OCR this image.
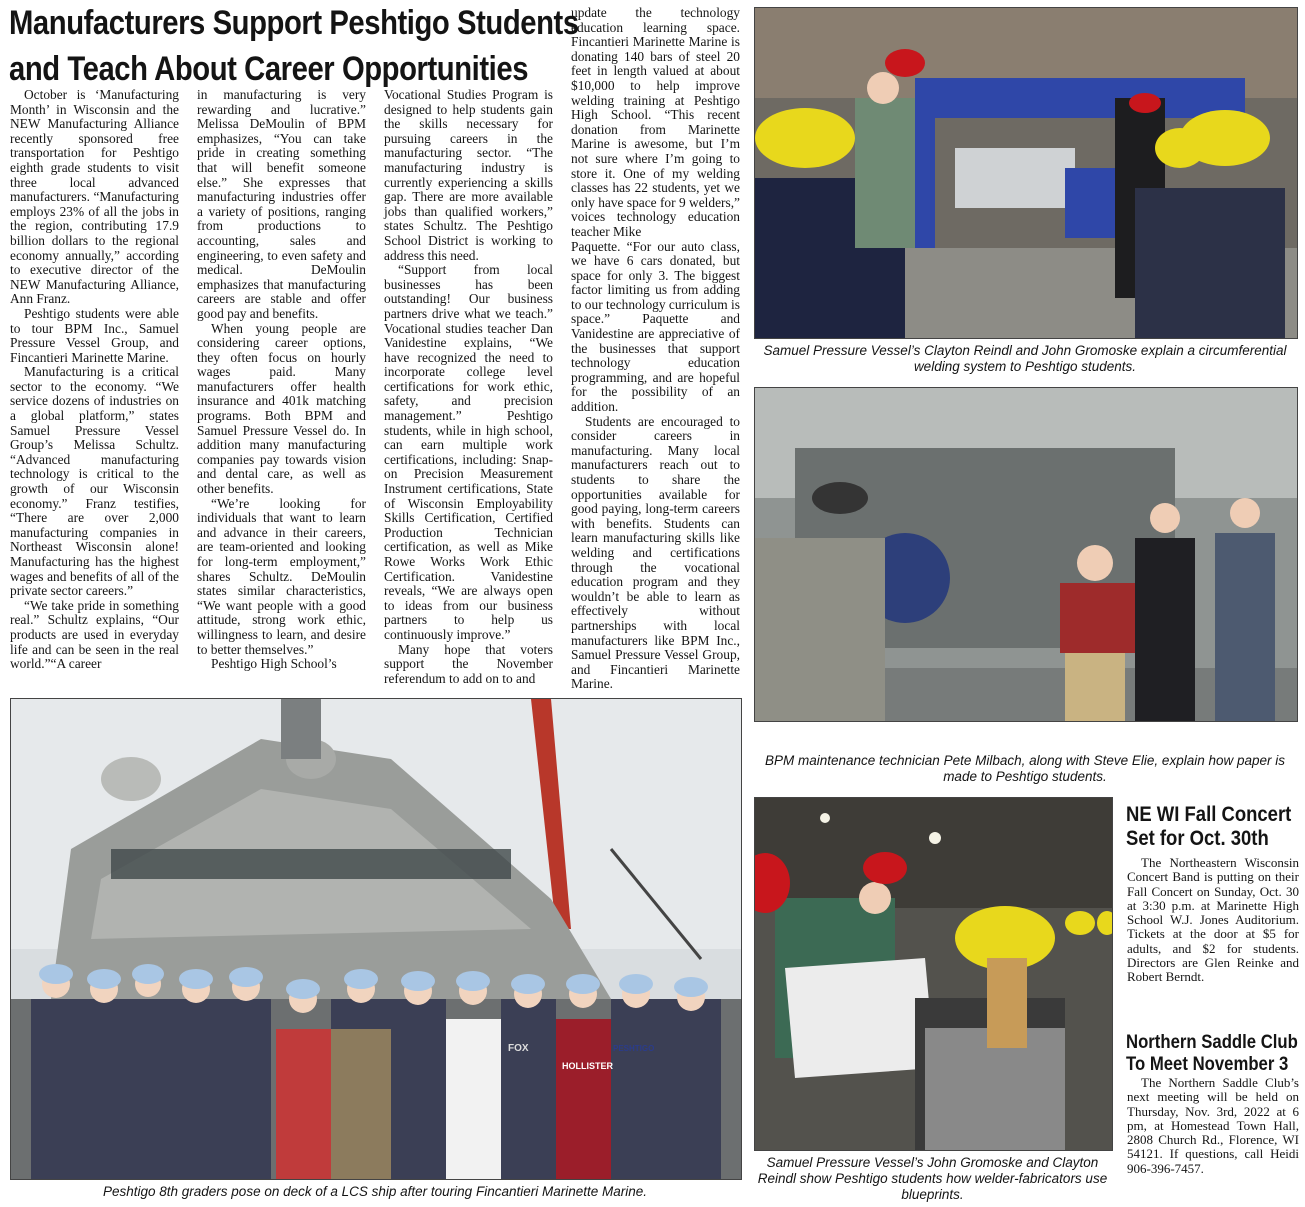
Manufacturers Support Peshtigo Students
and Teach About Career Opportunities

October is ‘Manufacturing Month’ in Wisconsin and the NEW Manufacturing Alliance recently sponsored free transportation for Peshtigo eighth grade students to visit three local advanced manufacturers. “Manufacturing employs 23% of all the jobs in the region, contributing 17.9 billion dollars to the regional economy annually,” according to executive director of the NEW Manufacturing Alliance, Ann Franz.

Peshtigo students were able to tour BPM Inc., Samuel Pressure Vessel Group, and Fincantieri Marinette Marine.

Manufacturing is a critical sector to the economy. “We service dozens of industries on a global platform,” states Samuel Pressure Vessel Group’s Melissa Schultz. “Advanced manufacturing technology is critical to the growth of our Wisconsin economy.” Franz testifies, “There are over 2,000 manufacturing companies in Northeast Wisconsin alone! Manufacturing has the highest wages and benefits of all of the private sector careers.”

“We take pride in something real.” Schultz explains, “Our products are used in everyday life and can be seen in the real world.”“A career

in manufacturing is very rewarding and lucrative.” Melissa DeMoulin of BPM emphasizes, “You can take pride in creating something that will benefit someone else.” She expresses that manufacturing industries offer a variety of positions, ranging from productions to accounting, sales and engineering, to even safety and medical. DeMoulin emphasizes that manufacturing careers are stable and offer good pay and benefits.

When young people are considering career options, they often focus on hourly wages paid. Many manufacturers offer health insurance and 401k matching programs. Both BPM and Samuel Pressure Vessel do. In addition many manufacturing companies pay towards vision and dental care, as well as other benefits.

“We’re looking for individuals that want to learn and advance in their careers, are team-oriented and looking for long-term employment,” shares Schultz. DeMoulin states similar characteristics, “We want people with a good attitude, strong work ethic, willingness to learn, and desire to better themselves.”

Peshtigo High School’s

Vocational Studies Program is designed to help students gain the skills necessary for pursuing careers in the manufacturing sector. “The manufacturing industry is currently experiencing a skills gap. There are more available jobs than qualified workers,” states Schultz. The Peshtigo School District is working to address this need.

“Support from local businesses has been outstanding! Our business partners drive what we teach.” Vocational studies teacher Dan Vanidestine explains, “We have recognized the need to incorporate college level certifications for work ethic, safety, and precision management.” Peshtigo students, while in high school, can earn multiple work certifications, including: Snap-on Precision Measurement Instrument certifications, State of Wisconsin Employability Skills Certification, Certified Production Technician certification, as well as Mike Rowe Works Work Ethic Certification. Vanidestine reveals, “We are always open to ideas from our business partners to help us continuously improve.”

Many hope that voters support the November referendum to add on to and

update the technology education learning space. Fincantieri Marinette Marine is donating 140 bars of steel 20 feet in length valued at about $10,000 to help improve welding training at Peshtigo High School. “This recent donation from Marinette Marine is awesome, but I’m not sure where I’m going to store it. One of my welding classes has 22 students, yet we only have space for 9 welders,” voices technology education teacher Mike

Paquette. “For our auto class, we have 6 cars donated, but space for only 3. The biggest factor limiting us from adding to our technology curriculum is space.” Paquette and Vanidestine are appreciative of the businesses that support technology education programming, and are hopeful for the possibility of an addition.

Students are encouraged to consider careers in manufacturing. Many local manufacturers reach out to students to share the opportunities available for good paying, long-term careers with benefits. Students can learn manufacturing skills like welding and certifications through the vocational education program and they wouldn’t be able to learn as effectively without partnerships with local manufacturers like BPM Inc., Samuel Pressure Vessel Group, and Fincantieri Marinette Marine.

HOLLISTER
PESHTIGO
FOX
Peshtigo 8th graders pose on deck of a LCS ship after touring Fincantieri Marinette Marine.
Samuel Pressure Vessel’s Clayton Reindl and John Gromoske explain a circumferential welding system to Peshtigo students.
BPM maintenance technician Pete Milbach, along with Steve Elie, explain how paper is made to Peshtigo students.
Samuel Pressure Vessel’s John Gromoske and Clayton Reindl show Peshtigo students how welder-fabricators use blueprints.
NE WI Fall Concert
Set for Oct. 30th

The Northeastern Wisconsin Concert Band is putting on their Fall Concert on Sunday, Oct. 30 at 3:30 p.m. at Marinette High School W.J. Jones Auditorium. Tickets at the door at $5 for adults, and $2 for students. Directors are Glen Reinke and Robert Berndt.

Northern Saddle Club
To Meet November 3

The Northern Saddle Club’s next meeting will be held on Thursday, Nov. 3rd, 2022 at 6 pm, at Homestead Town Hall, 2808 Church Rd., Florence, WI 54121. If questions, call Heidi 906-396-7457.
